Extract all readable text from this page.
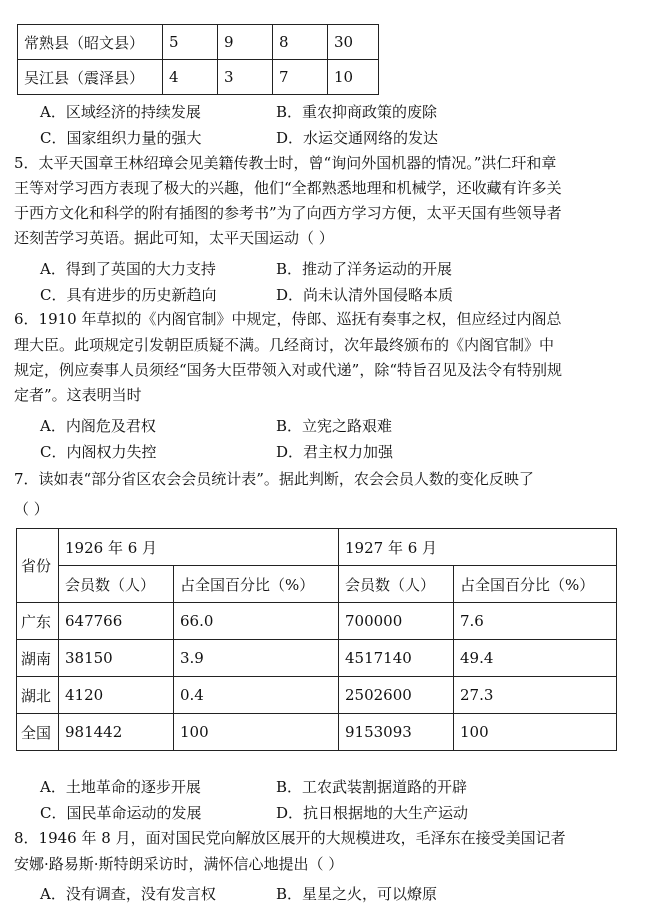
常熟县（昭文县）	5	9	8	30
吴江县（震泽县）	4	3	7	10
A．区域经济的持续发展	B．重农抑商政策的废除
C．国家组织力量的强大	D．水运交通网络的发达
5．太平天国章王林绍璋会见美籍传教士时，曾“询问外国机器的情况。”洪仁玕和章
王等对学习西方表现了极大的兴趣，他们“全都熟悉地理和机械学，还收藏有许多关
于西方文化和科学的附有插图的参考书”为了向西方学习方便，太平天国有些领导者
还刻苦学习英语。据此可知，太平天国运动（ ）
A．得到了英国的大力支持	B．推动了洋务运动的开展
C．具有进步的历史新趋向	D．尚未认清外国侵略本质
6．1910 年草拟的《内阁官制》中规定，侍郎、巡抚有奏事之权，但应经过内阁总
理大臣。此项规定引发朝臣质疑不满。几经商讨，次年最终颁布的《内阁官制》中
规定，例应奏事人员须经“国务大臣带领入对或代递”，除“特旨召见及法令有特别规
定者”。这表明当时
A．内阁危及君权	B．立宪之路艰难
C．内阁权力失控	D．君主权力加强
7．读如表“部分省区农会会员统计表”。据此判断，农会会员人数的变化反映了
（ ）
省份	1926 年 6 月		1927 年 6 月	
	会员数（人）	占全国百分比（%）	会员数（人）	占全国百分比（%）
广东	647766	66.0	700000	7.6
湖南	38150	3.9	4517140	49.4
湖北	4120	0.4	2502600	27.3
全国	981442	100	9153093	100
A．土地革命的逐步开展	B．工农武装割据道路的开辟
C．国民革命运动的发展	D．抗日根据地的大生产运动
8．1946 年 8 月，面对国民党向解放区展开的大规模进攻，毛泽东在接受美国记者
安娜·路易斯·斯特朗采访时，满怀信心地提出（ ）
A．没有调查，没有发言权	B．星星之火，可以燎原
